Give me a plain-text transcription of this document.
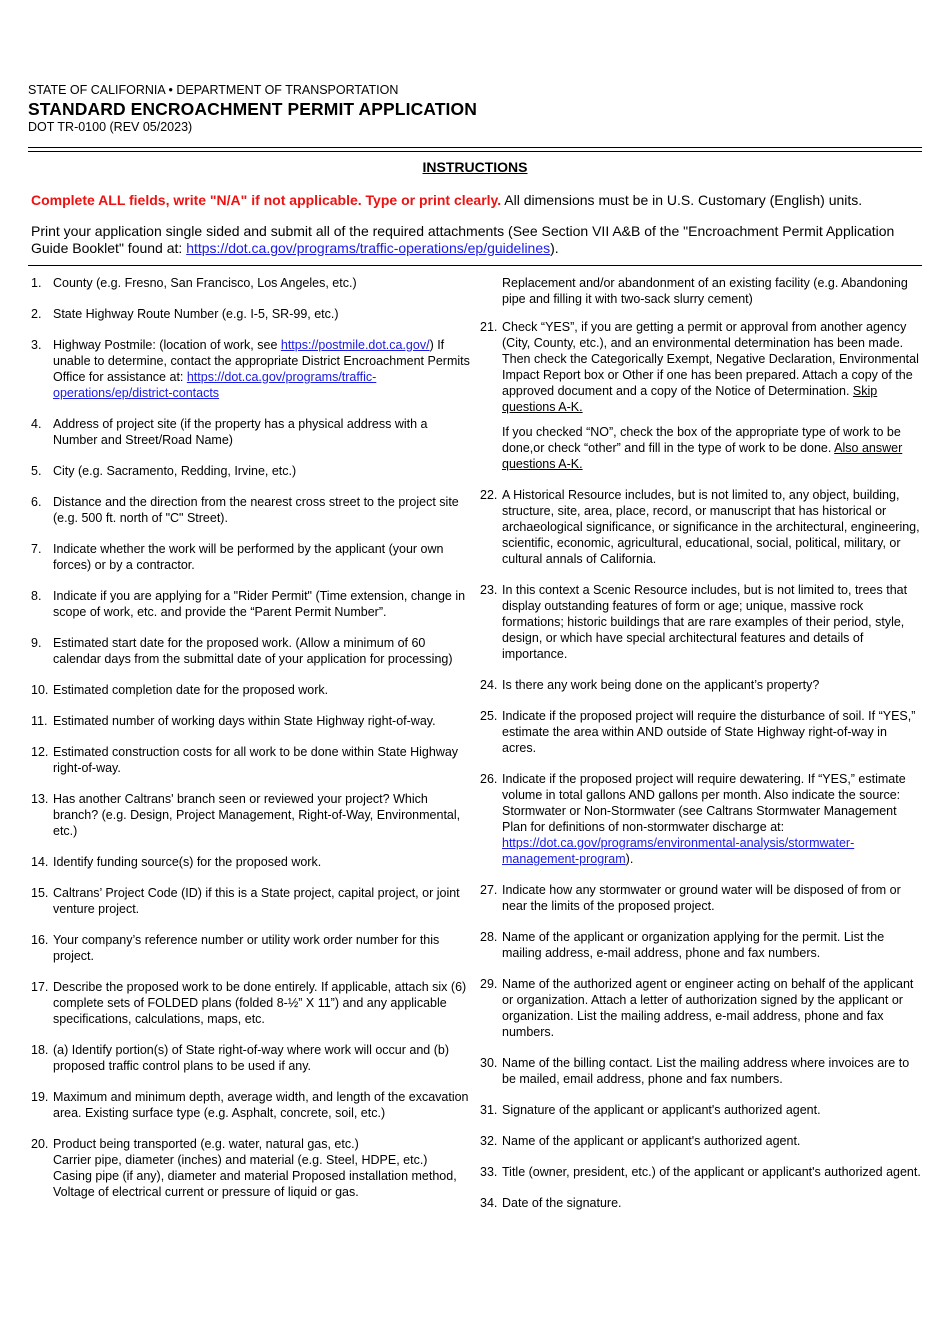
STATE OF CALIFORNIA • DEPARTMENT OF TRANSPORTATION
STANDARD ENCROACHMENT PERMIT APPLICATION
DOT TR-0100 (REV 05/2023)
INSTRUCTIONS
Complete ALL fields, write "N/A" if not applicable. Type or print clearly. All dimensions must be in U.S. Customary (English) units.
Print your application single sided and submit all of the required attachments (See Section VII A&B of the "Encroachment Permit Application Guide Booklet" found at: https://dot.ca.gov/programs/traffic-operations/ep/guidelines).
1. County (e.g. Fresno, San Francisco, Los Angeles, etc.)
2. State Highway Route Number (e.g. I-5, SR-99, etc.)
3. Highway Postmile: (location of work, see https://postmile.dot.ca.gov/) If unable to determine, contact the appropriate District Encroachment Permits Office for assistance at: https://dot.ca.gov/programs/traffic-operations/ep/district-contacts
4. Address of project site (if the property has a physical address with a Number and Street/Road Name)
5. City (e.g. Sacramento, Redding, Irvine, etc.)
6. Distance and the direction from the nearest cross street to the project site (e.g. 500 ft. north of "C" Street).
7. Indicate whether the work will be performed by the applicant (your own forces) or by a contractor.
8. Indicate if you are applying for a "Rider Permit" (Time extension, change in scope of work, etc. and provide the “Parent Permit Number”.
9. Estimated start date for the proposed work. (Allow a minimum of 60 calendar days from the submittal date of your application for processing)
10. Estimated completion date for the proposed work.
11. Estimated number of working days within State Highway right-of-way.
12. Estimated construction costs for all work to be done within State Highway right-of-way.
13. Has another Caltrans' branch seen or reviewed your project? Which branch? (e.g. Design, Project Management, Right-of-Way, Environmental, etc.)
14. Identify funding source(s) for the proposed work.
15. Caltrans’ Project Code (ID) if this is a State project, capital project, or joint venture project.
16. Your company’s reference number or utility work order number for this project.
17. Describe the proposed work to be done entirely. If applicable, attach six (6) complete sets of FOLDED plans (folded 8-½” X 11”) and any applicable specifications, calculations, maps, etc.
18. (a) Identify portion(s) of State right-of-way where work will occur and (b) proposed traffic control plans to be used if any.
19. Maximum and minimum depth, average width, and length of the excavation area. Existing surface type (e.g. Asphalt, concrete, soil, etc.)
20. Product being transported (e.g. water, natural gas, etc.)
Carrier pipe, diameter (inches) and material (e.g. Steel, HDPE, etc.)
Casing pipe (if any), diameter and material Proposed installation method, Voltage of electrical current or pressure of liquid or gas.
Replacement and/or abandonment of an existing facility (e.g. Abandoning pipe and filling it with two-sack slurry cement)
21. Check “YES”, if you are getting a permit or approval from another agency (City, County, etc.), and an environmental determination has been made. Then check the Categorically Exempt, Negative Declaration, Environmental Impact Report box or Other if one has been prepared. Attach a copy of the approved document and a copy of the Notice of Determination. Skip questions A-K.
If you checked “NO”, check the box of the appropriate type of work to be done,or check “other” and fill in the type of work to be done. Also answer questions A-K.
22. A Historical Resource includes, but is not limited to, any object, building, structure, site, area, place, record, or manuscript that has historical or archaeological significance, or significance in the architectural, engineering, scientific, economic, agricultural, educational, social, political, military, or cultural annals of California.
23. In this context a Scenic Resource includes, but is not limited to, trees that display outstanding features of form or age; unique, massive rock formations; historic buildings that are rare examples of their period, style, design, or which have special architectural features and details of importance.
24. Is there any work being done on the applicant’s property?
25. Indicate if the proposed project will require the disturbance of soil. If “YES,” estimate the area within AND outside of State Highway right-of-way in acres.
26. Indicate if the proposed project will require dewatering. If “YES,” estimate volume in total gallons AND gallons per month. Also indicate the source: Stormwater or Non-Stormwater (see Caltrans Stormwater Management Plan for definitions of non-stormwater discharge at: https://dot.ca.gov/programs/environmental-analysis/stormwater-management-program).
27. Indicate how any stormwater or ground water will be disposed of from or near the limits of the proposed project.
28. Name of the applicant or organization applying for the permit. List the mailing address, e-mail address, phone and fax numbers.
29. Name of the authorized agent or engineer acting on behalf of the applicant or organization. Attach a letter of authorization signed by the applicant or organization. List the mailing address, e-mail address, phone and fax numbers.
30. Name of the billing contact. List the mailing address where invoices are to be mailed, email address, phone and fax numbers.
31. Signature of the applicant or applicant's authorized agent.
32. Name of the applicant or applicant's authorized agent.
33. Title (owner, president, etc.) of the applicant or applicant's authorized agent.
34. Date of the signature.
